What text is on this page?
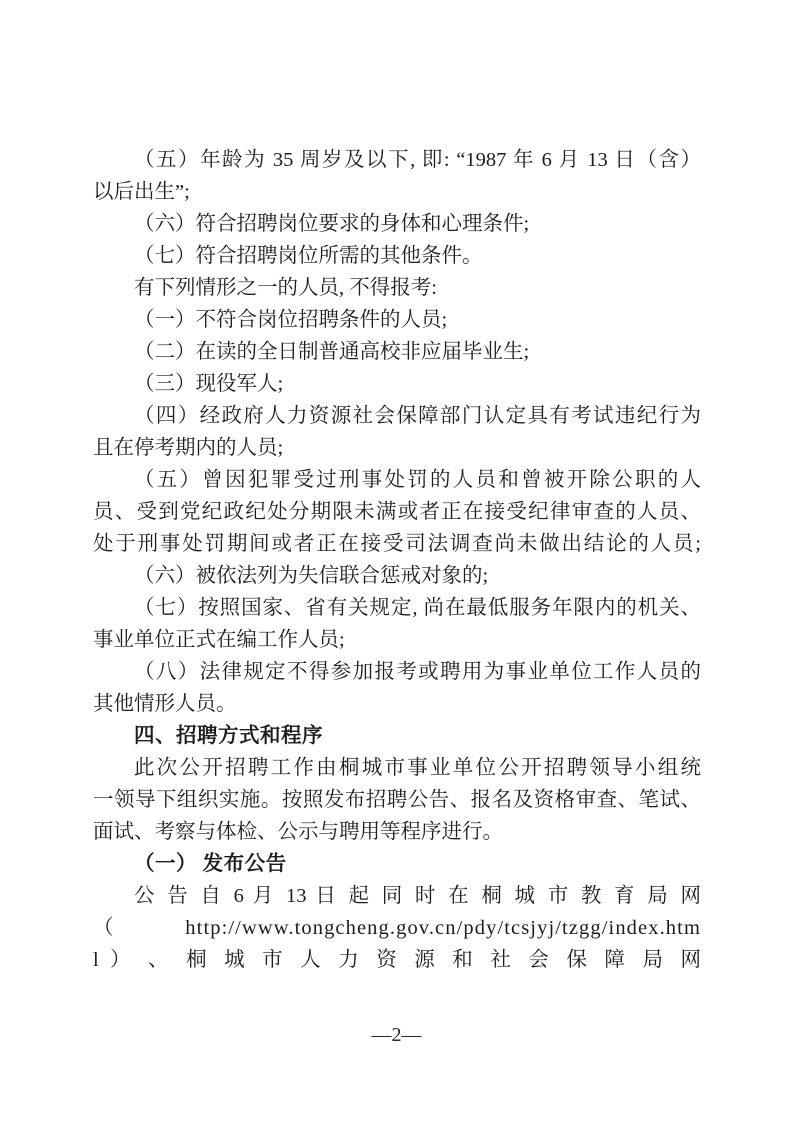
（五）年龄为 35 周岁及以下, 即: “1987 年 6 月 13 日（含）
以后出生”;
（六）符合招聘岗位要求的身体和心理条件;
（七）符合招聘岗位所需的其他条件。
有下列情形之一的人员, 不得报考:
（一）不符合岗位招聘条件的人员;
（二）在读的全日制普通高校非应届毕业生;
（三）现役军人;
（四）经政府人力资源社会保障部门认定具有考试违纪行为
且在停考期内的人员;
（五）曾因犯罪受过刑事处罚的人员和曾被开除公职的人
员、受到党纪政纪处分期限未满或者正在接受纪律审查的人员、
处于刑事处罚期间或者正在接受司法调查尚未做出结论的人员;
（六）被依法列为失信联合惩戒对象的;
（七）按照国家、省有关规定, 尚在最低服务年限内的机关、
事业单位正式在编工作人员;
（八）法律规定不得参加报考或聘用为事业单位工作人员的
其他情形人员。
四、招聘方式和程序
此次公开招聘工作由桐城市事业单位公开招聘领导小组统
一领导下组织实施。按照发布招聘公告、报名及资格审查、笔试、
面试、考察与体检、公示与聘用等程序进行。
（一） 发布公告
公 告 自 6 月 13 日 起 同 时 在 桐 城 市 教 育 局 网
（http://www.tongcheng.gov.cn/pdy/tcsjyj/tzgg/index.htm
l ） 、 桐 城 市 人 力 资 源 和 社 会 保 障 局 网
—2—
